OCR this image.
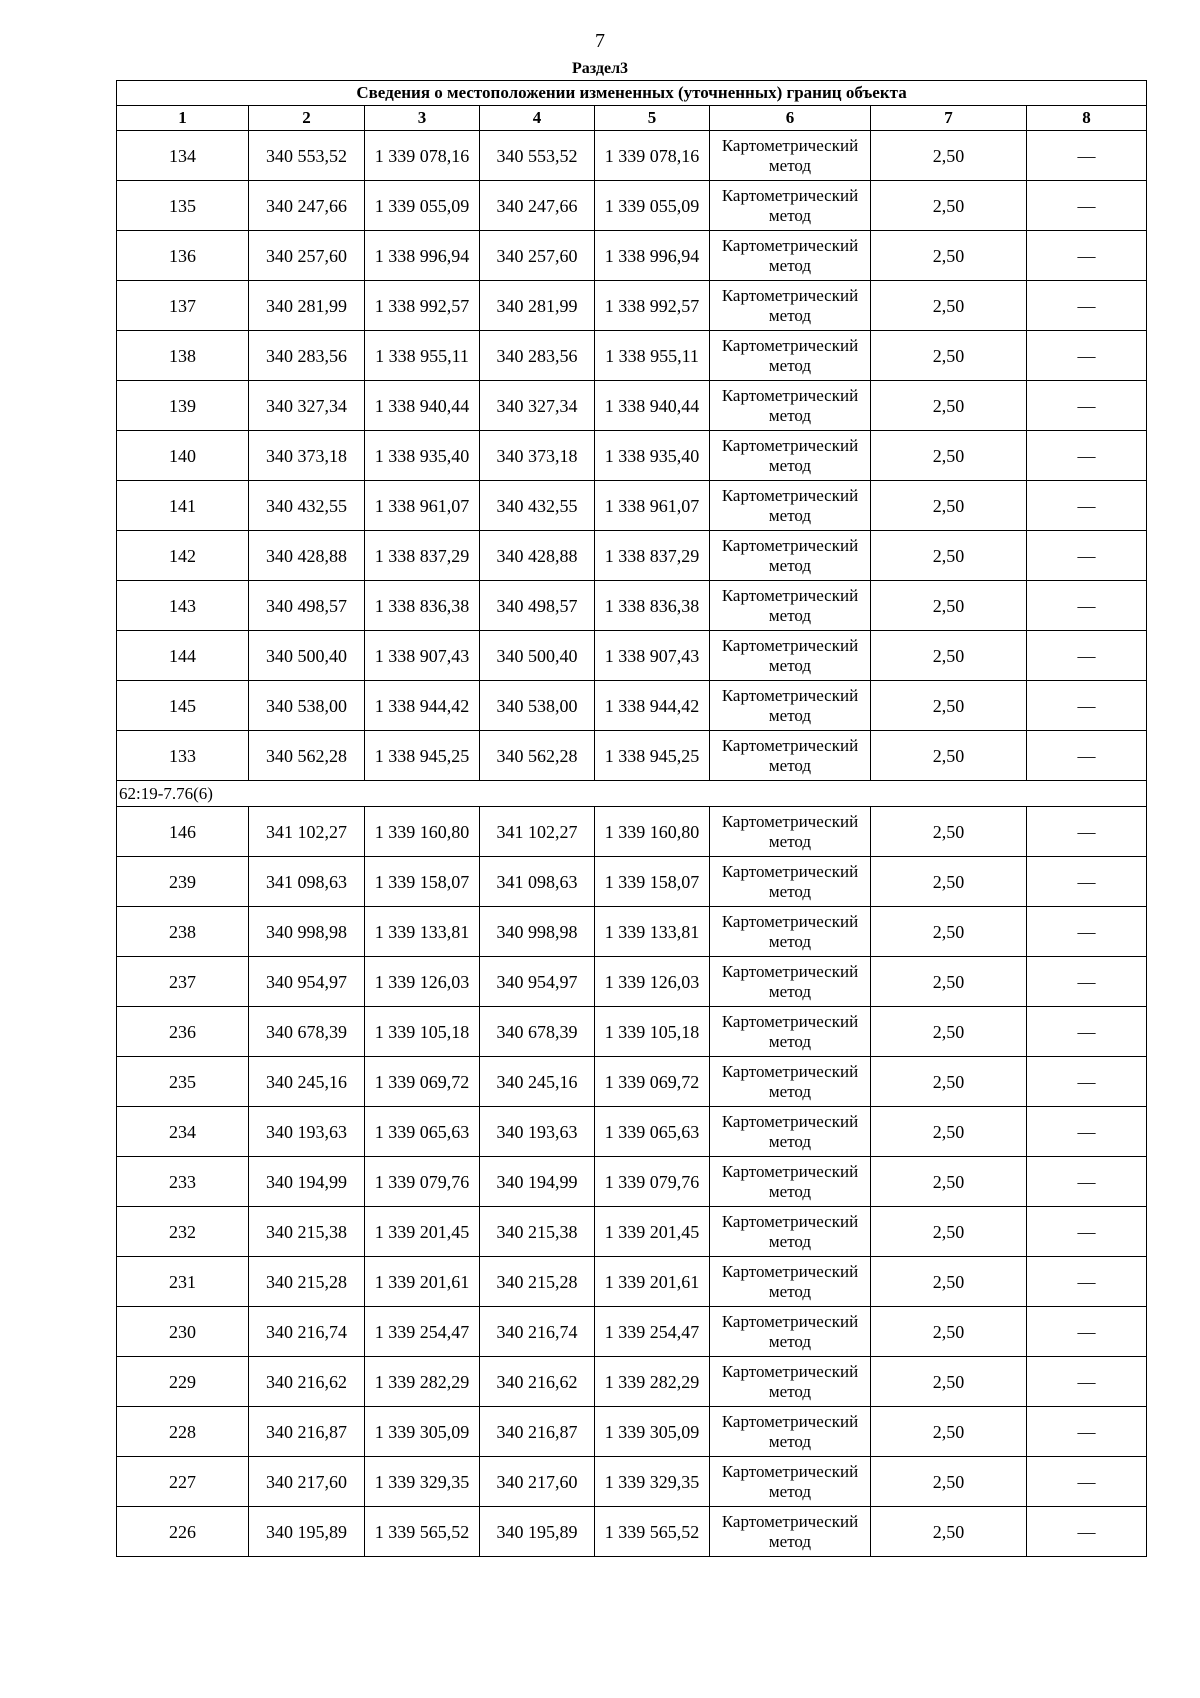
7
Раздел3
Сведения о местоположении измененных (уточненных) границ объекта							
1	2	3	4	5	6	7	8
134	340 553,52	1 339 078,16	340 553,52	1 339 078,16	Картометрический метод	2,50	—
135	340 247,66	1 339 055,09	340 247,66	1 339 055,09	Картометрический метод	2,50	—
136	340 257,60	1 338 996,94	340 257,60	1 338 996,94	Картометрический метод	2,50	—
137	340 281,99	1 338 992,57	340 281,99	1 338 992,57	Картометрический метод	2,50	—
138	340 283,56	1 338 955,11	340 283,56	1 338 955,11	Картометрический метод	2,50	—
139	340 327,34	1 338 940,44	340 327,34	1 338 940,44	Картометрический метод	2,50	—
140	340 373,18	1 338 935,40	340 373,18	1 338 935,40	Картометрический метод	2,50	—
141	340 432,55	1 338 961,07	340 432,55	1 338 961,07	Картометрический метод	2,50	—
142	340 428,88	1 338 837,29	340 428,88	1 338 837,29	Картометрический метод	2,50	—
143	340 498,57	1 338 836,38	340 498,57	1 338 836,38	Картометрический метод	2,50	—
144	340 500,40	1 338 907,43	340 500,40	1 338 907,43	Картометрический метод	2,50	—
145	340 538,00	1 338 944,42	340 538,00	1 338 944,42	Картометрический метод	2,50	—
133	340 562,28	1 338 945,25	340 562,28	1 338 945,25	Картометрический метод	2,50	—
62:19-7.76(6)							
146	341 102,27	1 339 160,80	341 102,27	1 339 160,80	Картометрический метод	2,50	—
239	341 098,63	1 339 158,07	341 098,63	1 339 158,07	Картометрический метод	2,50	—
238	340 998,98	1 339 133,81	340 998,98	1 339 133,81	Картометрический метод	2,50	—
237	340 954,97	1 339 126,03	340 954,97	1 339 126,03	Картометрический метод	2,50	—
236	340 678,39	1 339 105,18	340 678,39	1 339 105,18	Картометрический метод	2,50	—
235	340 245,16	1 339 069,72	340 245,16	1 339 069,72	Картометрический метод	2,50	—
234	340 193,63	1 339 065,63	340 193,63	1 339 065,63	Картометрический метод	2,50	—
233	340 194,99	1 339 079,76	340 194,99	1 339 079,76	Картометрический метод	2,50	—
232	340 215,38	1 339 201,45	340 215,38	1 339 201,45	Картометрический метод	2,50	—
231	340 215,28	1 339 201,61	340 215,28	1 339 201,61	Картометрический метод	2,50	—
230	340 216,74	1 339 254,47	340 216,74	1 339 254,47	Картометрический метод	2,50	—
229	340 216,62	1 339 282,29	340 216,62	1 339 282,29	Картометрический метод	2,50	—
228	340 216,87	1 339 305,09	340 216,87	1 339 305,09	Картометрический метод	2,50	—
227	340 217,60	1 339 329,35	340 217,60	1 339 329,35	Картометрический метод	2,50	—
226	340 195,89	1 339 565,52	340 195,89	1 339 565,52	Картометрический метод	2,50	—
